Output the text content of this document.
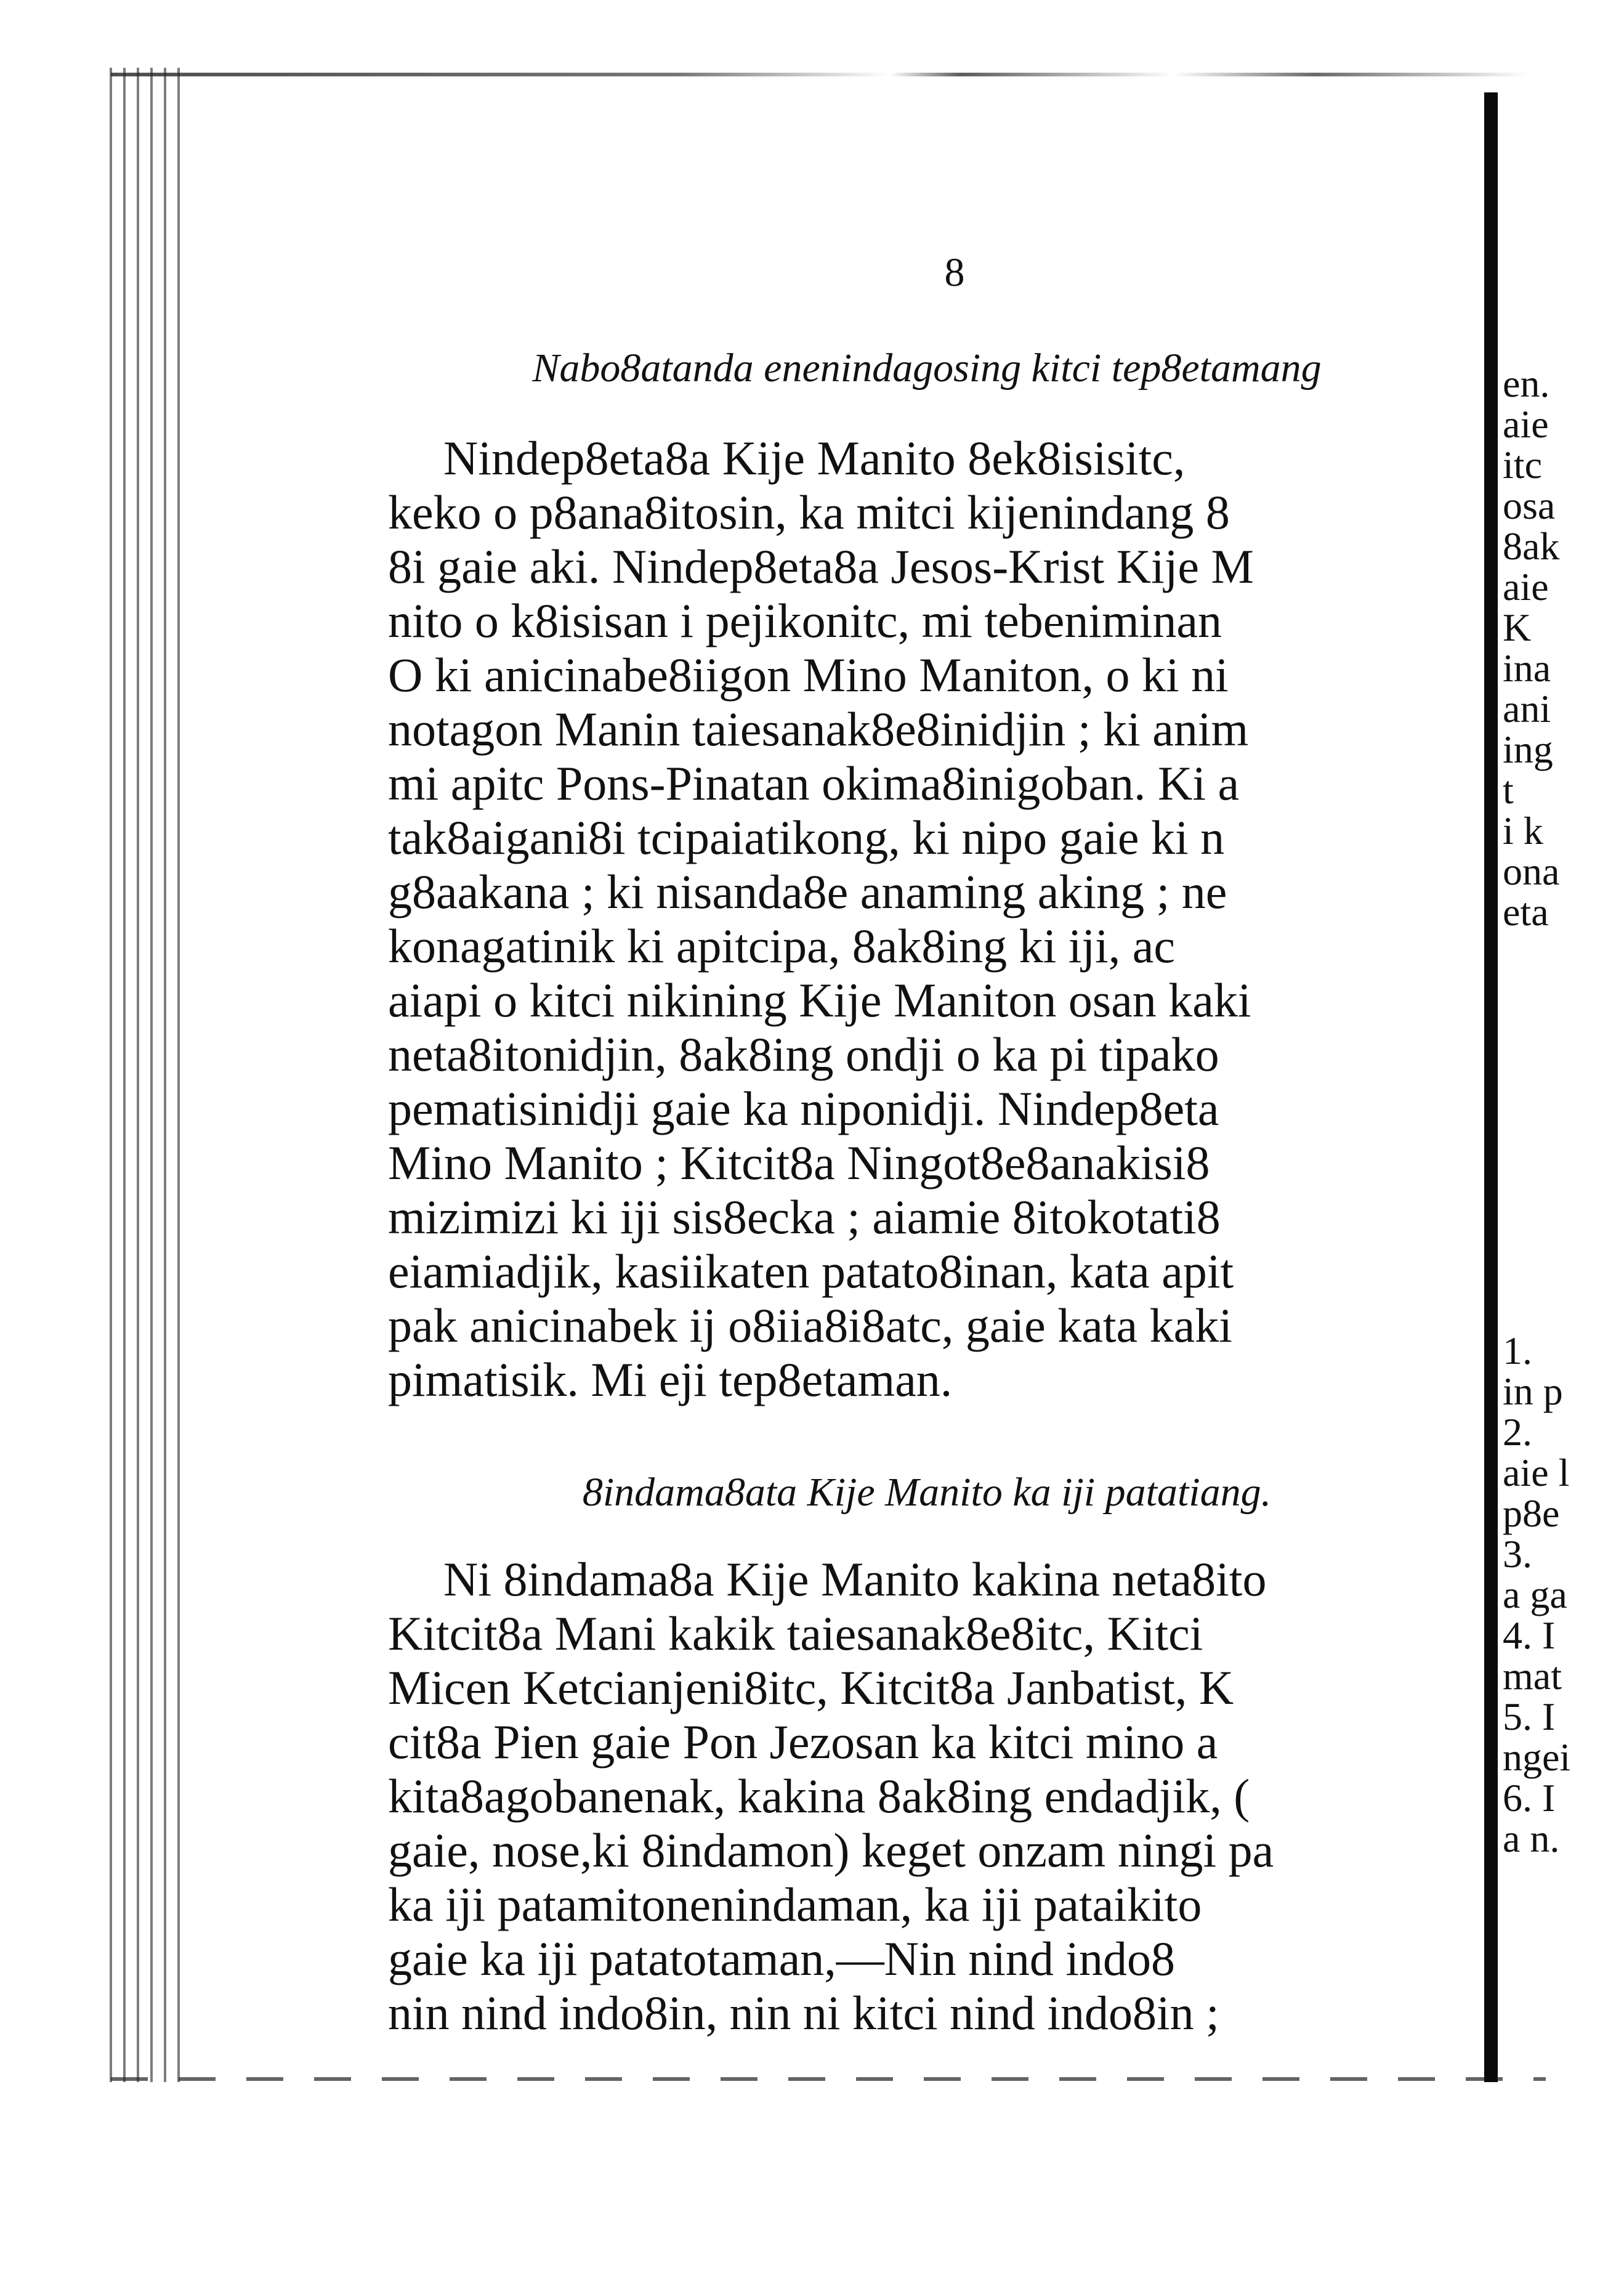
8
Nabo8atanda enenindagosing kitci tep8etamang
Nindep8eta8a Kije Manito 8ek8isisitc,
keko o p8ana8itosin, ka mitci kijenindang 8
8i gaie aki. Nindep8eta8a Jesos-Krist Kije M
nito o k8isisan i pejikonitc, mi tebeniminan
O ki anicinabe8iigon Mino Maniton, o ki ni
notagon Manin taiesanak8e8inidjin ; ki anim
mi apitc Pons-Pinatan okima8inigoban. Ki a
tak8aigani8i tcipaiatikong, ki nipo gaie ki n
g8aakana ; ki nisanda8e anaming aking ; ne
konagatinik ki apitcipa, 8ak8ing ki iji, ac
aiapi o kitci nikining Kije Maniton osan kaki
neta8itonidjin, 8ak8ing ondji o ka pi tipako
pematisinidji gaie ka niponidji. Nindep8eta
Mino Manito ; Kitcit8a Ningot8e8anakisi8
mizimizi ki iji sis8ecka ; aiamie 8itokotati8
eiamiadjik, kasiikaten patato8inan, kata apit
pak anicinabek ij o8iia8i8atc, gaie kata kaki
pimatisik. Mi eji tep8etaman.
8indama8ata Kije Manito ka iji patatiang.
Ni 8indama8a Kije Manito kakina neta8ito
Kitcit8a Mani kakik taiesanak8e8itc, Kitci
Micen Ketcianjeni8itc, Kitcit8a Janbatist, K
cit8a Pien gaie Pon Jezosan ka kitci mino a
kita8agobanenak, kakina 8ak8ing endadjik, (
gaie, nose,ki 8indamon) keget onzam ningi pa
ka iji patamitonenindaman, ka iji pataikito
gaie ka iji patatotaman,—Nin nind indo8
nin nind indo8in, nin ni kitci nind indo8in ;
en.
aie
itc
osa
8ak
aie
K
ina
ani
ing
t
i k
ona
eta
1.
in p
2.
aie l
p8e
3.
a ga
4. I
mat
5. I
ngei
6. I
a n.
